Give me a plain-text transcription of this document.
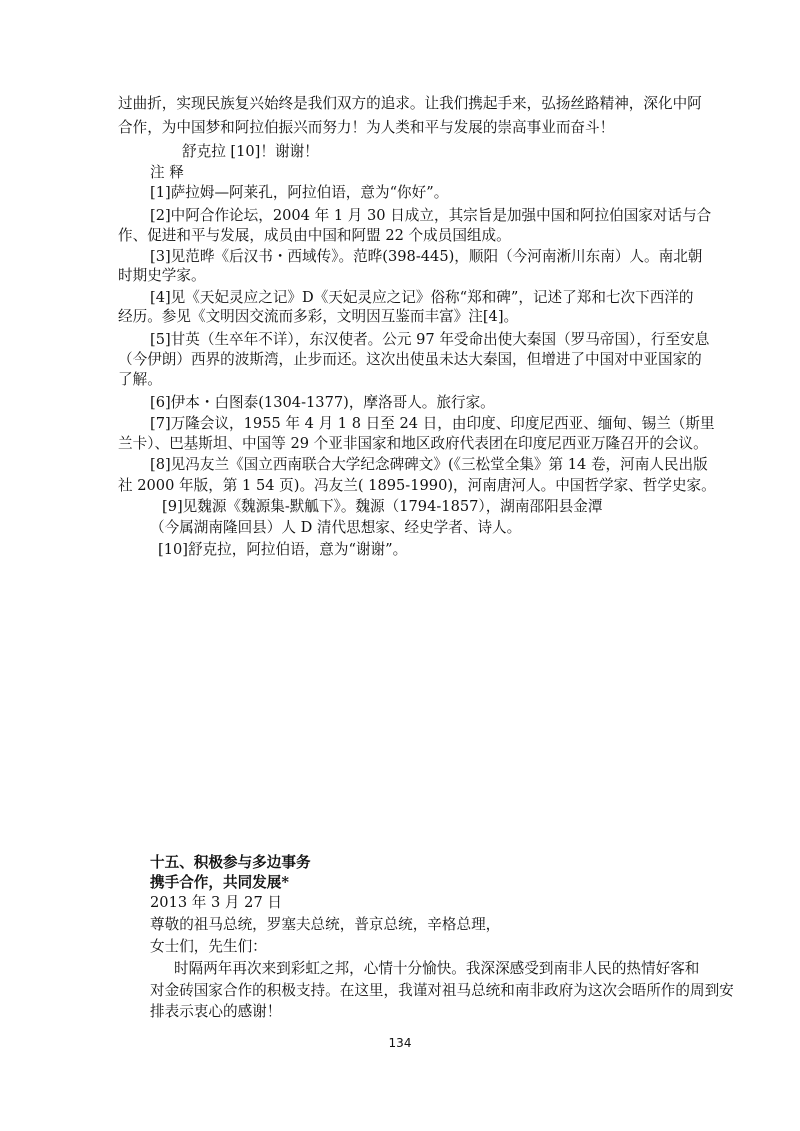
过曲折，实现民族复兴始终是我们双方的追求。让我们携起手来，弘扬丝路精神，深化中阿
合作，为中国梦和阿拉伯振兴而努力！为人类和平与发展的崇高事业而奋斗！
舒克拉 [10]！谢谢！
注 释
[1]萨拉姆—阿莱孔，阿拉伯语，意为“你好”。
[2]中阿合作论坛，2004 年 1 月 30 日成立，其宗旨是加强中国和阿拉伯国家对话与合
作、促进和平与发展，成员由中国和阿盟 22 个成员国组成。
[3]见范晔《后汉书・西域传》。范晔(398-445)，顺阳（今河南淅川东南）人。南北朝
时期史学家。
[4]见《天妃灵应之记》D《天妃灵应之记》俗称“郑和碑”，记述了郑和七次下西洋的
经历。参见《文明因交流而多彩，文明因互鉴而丰富》注[4]。
[5]甘英（生卒年不详），东汉使者。公元 97 年受命出使大秦国（罗马帝国），行至安息
（今伊朗）西界的波斯湾，止步而还。这次出使虽未达大秦国，但增进了中国对中亚国家的
了解。
[6]伊本・白图泰(1304-1377)，摩洛哥人。旅行家。
[7]万隆会议，1955 年 4 月 1 8 日至 24 日，由印度、印度尼西亚、缅甸、锡兰（斯里
兰卡）、巴基斯坦、中国等 29 个亚非国家和地区政府代表团在印度尼西亚万隆召开的会议。
[8]见冯友兰《国立西南联合大学纪念碑碑文》(《三松堂全集》第 14 卷，河南人民出版
社 2000 年版，第 1 54 页)。冯友兰( 1895-1990)，河南唐河人。中国哲学家、哲学史家。
[9]见魏源《魏源集-默觚下》。魏源（1794-1857），湖南邵阳县金潭
（今属湖南隆回县）人 D 清代思想家、经史学者、诗人。
[10]舒克拉，阿拉伯语，意为“谢谢”。
十五、积极参与多边事务
携手合作，共同发展*
2013 年 3 月 27 日
尊敬的祖马总统，罗塞夫总统，普京总统，辛格总理，
女士们，先生们：
时隔两年再次来到彩虹之邦，心情十分愉快。我深深感受到南非人民的热情好客和
对金砖国家合作的积极支持。在这里，我谨对祖马总统和南非政府为这次会晤所作的周到安
排表示衷心的感谢！
134
